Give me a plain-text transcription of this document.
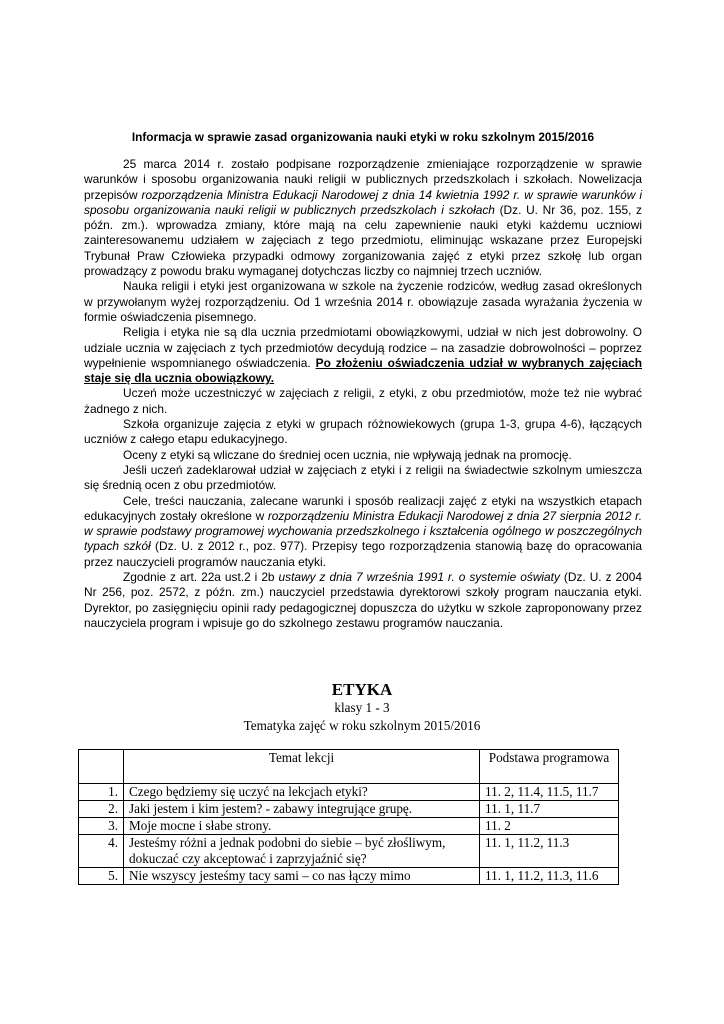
Informacja w sprawie zasad organizowania nauki etyki w roku szkolnym 2015/2016

25 marca 2014 r. zostało podpisane rozporządzenie zmieniające rozporządzenie w sprawie warunków i sposobu organizowania nauki religii w publicznych przedszkolach i szkołach. Nowelizacja przepisów rozporządzenia Ministra Edukacji Narodowej z dnia 14 kwietnia 1992 r. w sprawie warunków i sposobu organizowania nauki religii w publicznych przedszkolach i szkołach (Dz. U. Nr 36, poz. 155, z późn. zm.). wprowadza zmiany, które mają na celu zapewnienie nauki etyki każdemu uczniowi zainteresowanemu udziałem w zajęciach z tego przedmiotu, eliminując wskazane przez Europejski Trybunał Praw Człowieka przypadki odmowy zorganizowania zajęć z etyki przez szkołę lub organ prowadzący z powodu braku wymaganej dotychczas liczby co najmniej trzech uczniów.

Nauka religii i etyki jest organizowana w szkole na życzenie rodziców, według zasad określonych w przywołanym wyżej rozporządzeniu. Od 1 września 2014 r. obowiązuje zasada wyrażania życzenia w formie oświadczenia pisemnego.

Religia i etyka nie są dla ucznia przedmiotami obowiązkowymi, udział w nich jest dobrowolny. O udziale ucznia w zajęciach z tych przedmiotów decydują rodzice – na zasadzie dobrowolności – poprzez wypełnienie wspomnianego oświadczenia. Po złożeniu oświadczenia udział w wybranych zajęciach staje się dla ucznia obowiązkowy.

Uczeń może uczestniczyć w zajęciach z religii, z etyki, z obu przedmiotów, może też nie wybrać żadnego z nich.

Szkoła organizuje zajęcia z etyki w grupach różnowiekowych (grupa 1-3, grupa 4-6), łączących uczniów z całego etapu edukacyjnego.

Oceny z etyki są wliczane do średniej ocen ucznia, nie wpływają jednak na promocję.

Jeśli uczeń zadeklarował udział w zajęciach z etyki i z religii na świadectwie szkolnym umieszcza się średnią ocen z obu przedmiotów.

Cele, treści nauczania, zalecane warunki i sposób realizacji zajęć z etyki na wszystkich etapach edukacyjnych zostały określone w rozporządzeniu Ministra Edukacji Narodowej z dnia 27 sierpnia 2012 r. w sprawie podstawy programowej wychowania przedszkolnego i kształcenia ogólnego w poszczególnych typach szkół (Dz. U. z 2012 r., poz. 977). Przepisy tego rozporządzenia stanowią bazę do opracowania przez nauczycieli programów nauczania etyki.

Zgodnie z art. 22a ust.2 i 2b ustawy z dnia 7 września 1991 r. o systemie oświaty (Dz. U. z 2004 Nr 256, poz. 2572, z późn. zm.) nauczyciel przedstawia dyrektorowi szkoły program nauczania etyki. Dyrektor, po zasięgnięciu opinii rady pedagogicznej dopuszcza do użytku w szkole zaproponowany przez nauczyciela program i wpisuje go do szkolnego zestawu programów nauczania.

ETYKA
klasy 1 - 3
Tematyka zajęć w roku szkolnym 2015/2016
	Temat lekcji	Podstawa programowa
1.	Czego będziemy się uczyć na lekcjach etyki?	11. 2, 11.4, 11.5, 11.7
2.	Jaki jestem i kim jestem? - zabawy integrujące grupę.	11. 1, 11.7
3.	Moje mocne i słabe strony.	11. 2
4.	Jesteśmy różni a jednak podobni do siebie – być złośliwym, dokuczać czy akceptować i zaprzyjaźnić się?	11. 1, 11.2, 11.3
5.	Nie wszyscy jesteśmy tacy sami – co nas łączy mimo	11. 1, 11.2, 11.3, 11.6
